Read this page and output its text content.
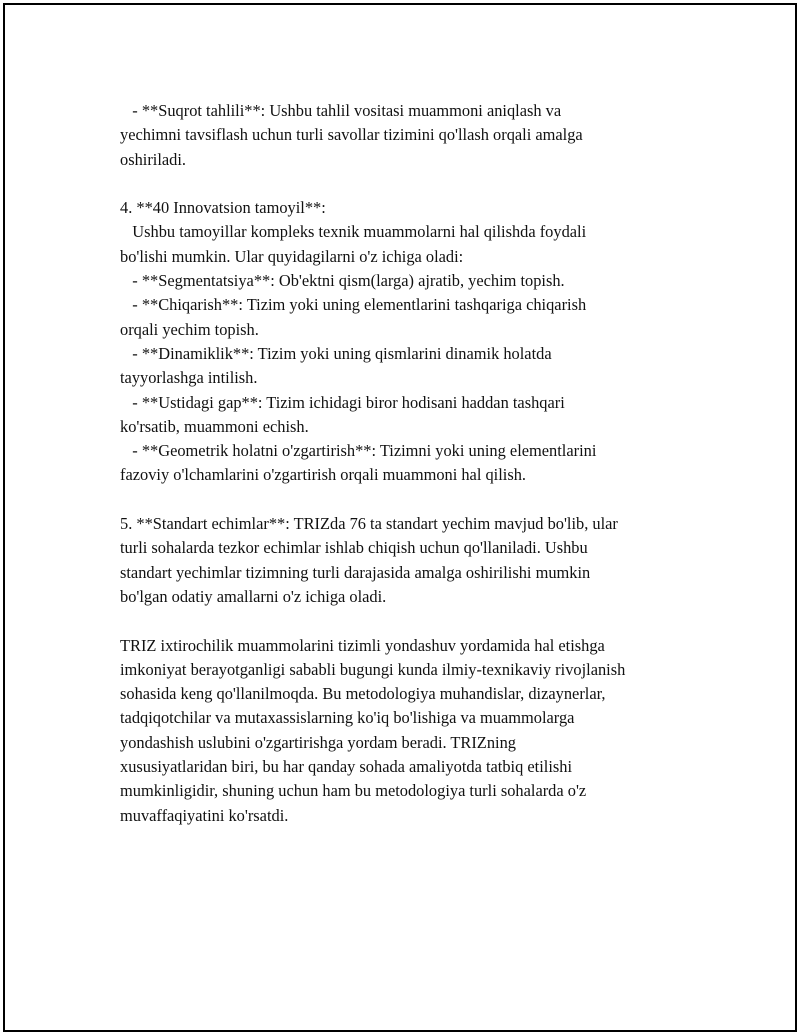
- **Suqrot tahlili**: Ushbu tahlil vositasi muammoni aniqlash va
yechimni tavsiflash uchun turli savollar tizimini qo'llash orqali amalga
oshiriladi.
4. **40 Innovatsion tamoyil**:
Ushbu tamoyillar kompleks texnik muammolarni hal qilishda foydali
bo'lishi mumkin. Ular quyidagilarni o'z ichiga oladi:
- **Segmentatsiya**: Ob'ektni qism(larga) ajratib, yechim topish.
- **Chiqarish**: Tizim yoki uning elementlarini tashqariga chiqarish
orqali yechim topish.
- **Dinamiklik**: Tizim yoki uning qismlarini dinamik holatda
tayyorlashga intilish.
- **Ustidagi gap**: Tizim ichidagi biror hodisani haddan tashqari
ko'rsatib, muammoni echish.
- **Geometrik holatni o'zgartirish**: Tizimni yoki uning elementlarini
fazoviy o'lchamlarini o'zgartirish orqali muammoni hal qilish.
5. **Standart echimlar**: TRIZda 76 ta standart yechim mavjud bo'lib, ular
turli sohalarda tezkor echimlar ishlab chiqish uchun qo'llaniladi. Ushbu
standart yechimlar tizimning turli darajasida amalga oshirilishi mumkin
bo'lgan odatiy amallarni o'z ichiga oladi.
TRIZ ixtirochilik muammolarini tizimli yondashuv yordamida hal etishga
imkoniyat berayotganligi sababli bugungi kunda ilmiy-texnikaviy rivojlanish
sohasida keng qo'llanilmoqda. Bu metodologiya muhandislar, dizaynerlar,
tadqiqotchilar va mutaxassislarning ko'iq bo'lishiga va muammolarga
yondashish uslubini o'zgartirishga yordam beradi. TRIZning
xususiyatlaridan biri, bu har qanday sohada amaliyotda tatbiq etilishi
mumkinligidir, shuning uchun ham bu metodologiya turli sohalarda o'z
muvaffaqiyatini ko'rsatdi.
